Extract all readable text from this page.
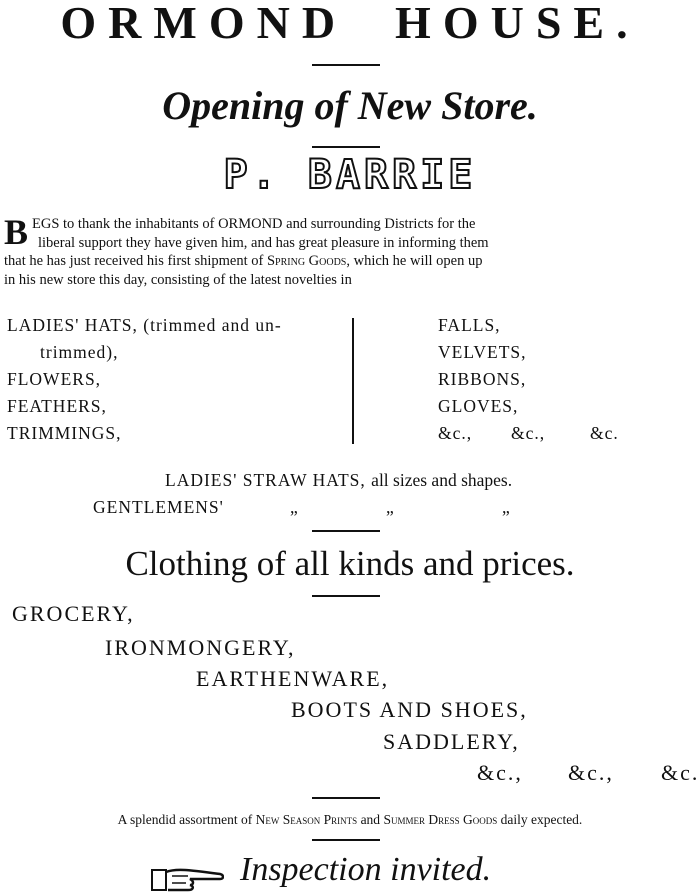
ORMOND HOUSE.
Opening of New Store.
P. BARRIE
B EGS to thank the inhabitants of ORMOND and surrounding Districts for the
liberal support they have given him, and has great pleasure in informing them
that he has just received his first shipment of Spring Goods, which he will open up
in his new store this day, consisting of the latest novelties in
LADIES' HATS, (trimmed and un-
trimmed),
FLOWERS,
FEATHERS,
TRIMMINGS,
FALLS,
VELVETS,
RIBBONS,
GLOVES,
&c., &c.,	&c.
LADIES' STRAW HATS, all sizes and shapes.
GENTLEMENS'	„	„	„
Clothing of all kinds and prices.
GROCERY,
IRONMONGERY,
EARTHENWARE,
BOOTS AND SHOES,
SADDLERY,
&c., &c., &c.
A splendid assortment of New Season Prints and Summer Dress Goods daily expected.
Inspection invited.
